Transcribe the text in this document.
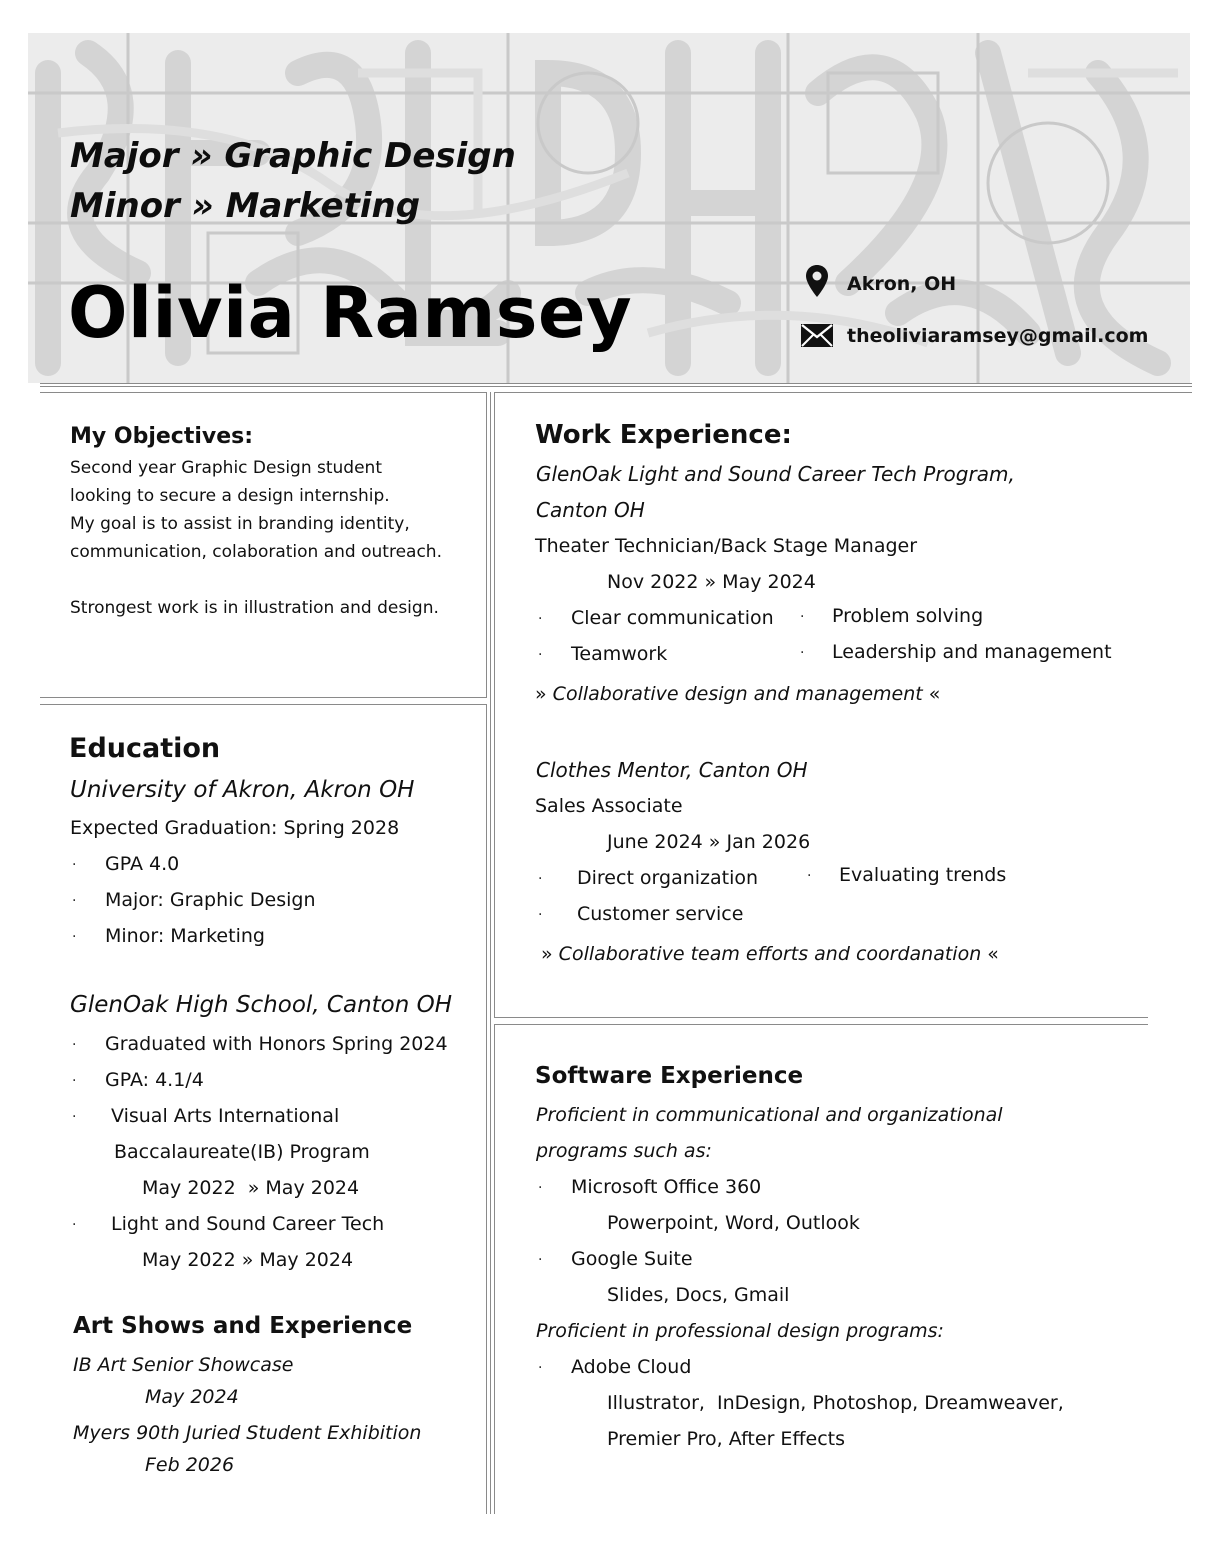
Major » Graphic Design
Minor » Marketing
Olivia Ramsey	Akron, OH
theoliviaramsey@gmail.com
My Objectives:
Second year Graphic Design student
looking to secure a design internship.
My goal is to assist in branding identity,
communication, colaboration and outreach.
Strongest work is in illustration and design.
Education
University of Akron, Akron OH
Expected Graduation: Spring 2028
· GPA 4.0
· Major: Graphic Design
· Minor: Marketing
GlenOak High School, Canton OH
· Graduated with Honors Spring 2024
· GPA: 4.1/4
· Visual Arts International
Baccalaureate(IB) Program
May 2022  » May 2024
· Light and Sound Career Tech
May 2022 » May 2024
Art Shows and Experience
IB Art Senior Showcase
May 2024
Myers 90th Juried Student Exhibition
Feb 2026
Work Experience:
GlenOak Light and Sound Career Tech Program,
Canton OH
Theater Technician/Back Stage Manager
Nov 2022 » May 2024
· Clear communication · Problem solving
· Teamwork	· Leadership and management
» Collaborative design and management «
Clothes Mentor, Canton OH
Sales Associate
June 2024 » Jan 2026
· Direct organization	· Evaluating trends
· Customer service
» Collaborative team efforts and coordanation «
Software Experience
Proficient in communicational and organizational
programs such as:
· Microsoft Office 360
Powerpoint, Word, Outlook
· Google Suite
Slides, Docs, Gmail
Proficient in professional design programs:
· Adobe Cloud
Illustrator,  InDesign, Photoshop, Dreamweaver,
Premier Pro, After Effects
